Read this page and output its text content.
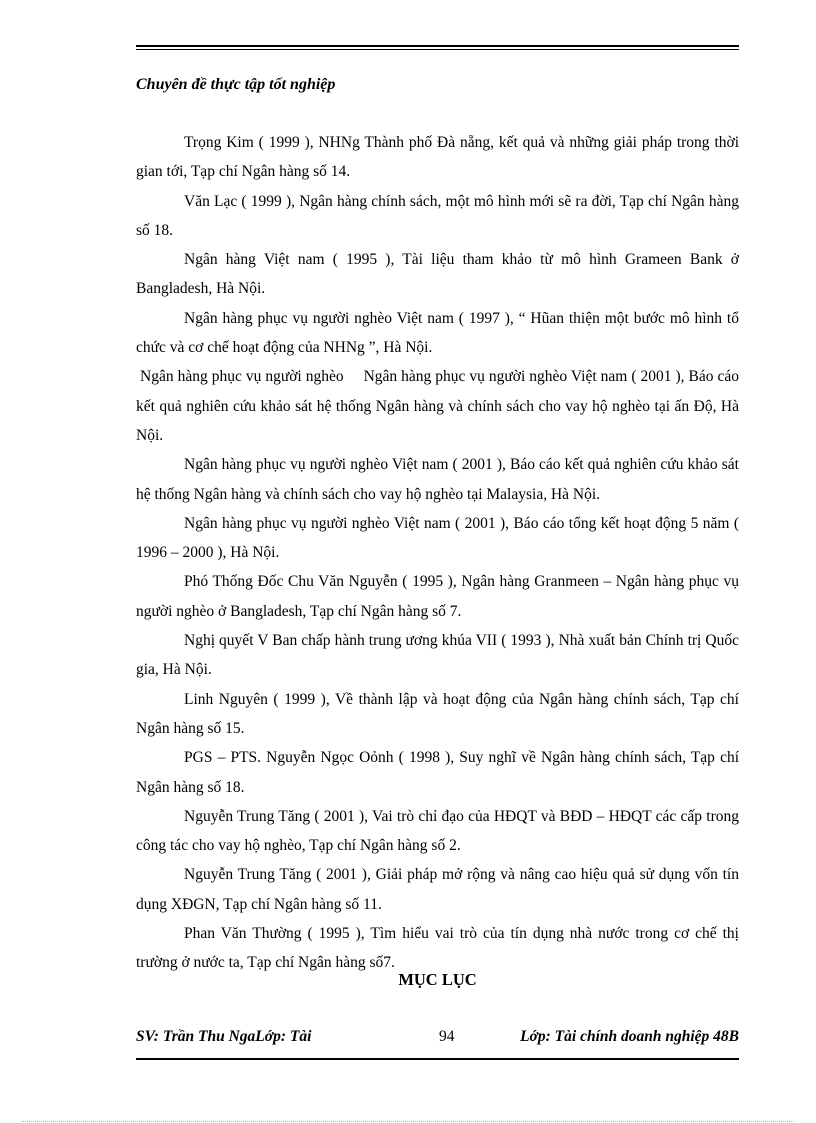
Chuyên đề thực tập tốt nghiệp

Trọng Kim ( 1999 ), NHNg Thành phố Đà nẵng, kết quả và những giải pháp trong thời gian tới, Tạp chí Ngân hàng số 14.

Văn Lạc ( 1999 ), Ngân hàng chính sách, một mô hình mới sẽ ra đời, Tạp chí Ngân hàng số 18.

Ngân hàng Việt nam ( 1995 ), Tài liệu tham khảo từ mô hình Grameen Bank ở Bangladesh, Hà Nội.

Ngân hàng phục vụ người nghèo Việt nam ( 1997 ), “ Hũan thiện một bước mô hình tổ chức và cơ chế hoạt động của NHNg ”, Hà Nội.

Ngân hàng phục vụ người nghèo     Ngân hàng phục vụ người nghèo Việt nam ( 2001 ), Báo cáo kết quả nghiên cứu khảo sát hệ thống Ngân hàng và chính sách cho vay hộ nghèo tại ấn Độ, Hà Nội.

Ngân hàng phục vụ người nghèo Việt nam ( 2001 ), Báo cáo kết quả nghiên cứu khảo sát hệ thống Ngân hàng và chính sách cho vay hộ nghèo tại Malaysia, Hà Nội.

Ngân hàng phục vụ người nghèo Việt nam ( 2001 ), Báo cáo tổng kết hoạt động 5 năm ( 1996 – 2000 ), Hà Nội.

Phó Thống Đốc Chu Văn Nguyễn ( 1995 ), Ngân hàng Granmeen – Ngân hàng phục vụ người nghèo ở Bangladesh, Tạp chí Ngân hàng số 7.

Nghị quyết V Ban chấp hành trung ương khúa VII ( 1993 ), Nhà xuất bản Chính trị Quốc gia, Hà Nội.

Linh Nguyên ( 1999 ), Về thành lập và hoạt động của Ngân hàng chính sách, Tạp chí Ngân hàng số 15.

PGS – PTS. Nguyễn Ngọc Oỏnh ( 1998 ), Suy nghĩ về Ngân hàng chính sách, Tạp chí Ngân hàng số 18.

Nguyễn Trung Tăng ( 2001 ), Vai trò chỉ đạo của HĐQT và BĐD – HĐQT các cấp trong công tác cho vay hộ nghèo, Tạp chí Ngân hàng số 2.

Nguyễn Trung Tăng ( 2001 ), Giải pháp mở rộng và nâng cao hiệu quả sử dụng vốn tín dụng XĐGN, Tạp chí Ngân hàng số 11.

Phan Văn Thường ( 1995 ), Tìm hiểu vai trò của tín dụng nhà nước trong cơ chế thị trường ở nước ta, Tạp chí Ngân hàng số7.

MỤC LỤC
SV: Trần Thu NgaLớp: Tài	94	Lớp: Tài chính doanh nghiệp 48B
